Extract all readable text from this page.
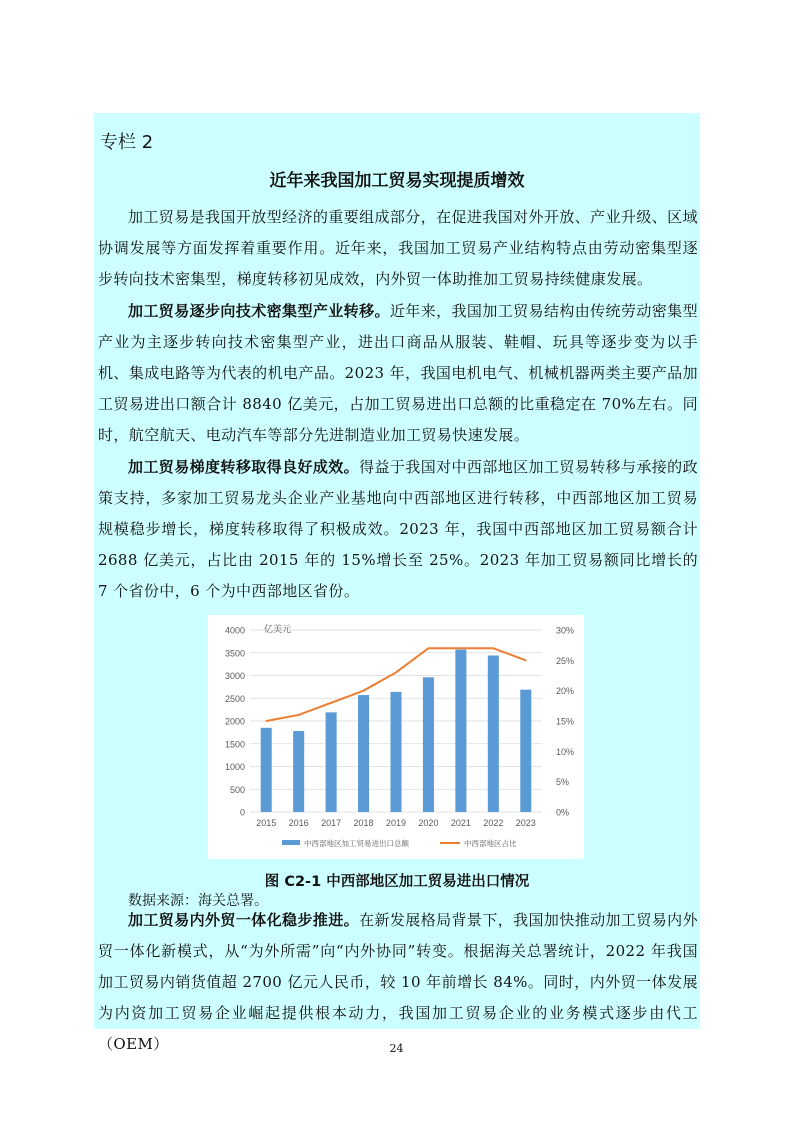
专栏 2
近年来我国加工贸易实现提质增效

加工贸易是我国开放型经济的重要组成部分，在促进我国对外开放、产业升级、区域协调发展等方面发挥着重要作用。近年来，我国加工贸易产业结构特点由劳动密集型逐步转向技术密集型，梯度转移初见成效，内外贸一体助推加工贸易持续健康发展。

加工贸易逐步向技术密集型产业转移。近年来，我国加工贸易结构由传统劳动密集型产业为主逐步转向技术密集型产业，进出口商品从服装、鞋帽、玩具等逐步变为以手机、集成电路等为代表的机电产品。2023 年，我国电机电气、机械机器两类主要产品加工贸易进出口额合计 8840 亿美元，占加工贸易进出口总额的比重稳定在 70%左右。同时，航空航天、电动汽车等部分先进制造业加工贸易快速发展。

加工贸易梯度转移取得良好成效。得益于我国对中西部地区加工贸易转移与承接的政策支持，多家加工贸易龙头企业产业基地向中西部地区进行转移，中西部地区加工贸易规模稳步增长，梯度转移取得了积极成效。2023 年，我国中西部地区加工贸易额合计 2688 亿美元，占比由 2015 年的 15%增长至 25%。2023 年加工贸易额同比增长的 7 个省份中，6 个为中西部地区省份。

0
500
1000
1500
2000
2500
3000
3500
4000
0%
5%
10%
15%
20%
25%
30%
亿美元
2015 2016 2017 2018 2019 2020 2021 2022 2023
中西部地区加工贸易进出口总额	中西部地区占比
图 C2-1 中西部地区加工贸易进出口情况
数据来源：海关总署。

加工贸易内外贸一体化稳步推进。在新发展格局背景下，我国加快推动加工贸易内外贸一体化新模式，从“为外所需”向“内外协同”转变。根据海关总署统计，2022 年我国加工贸易内销货值超 2700 亿元人民币，较 10 年前增长 84%。同时，内外贸一体发展为内资加工贸易企业崛起提供根本动力，我国加工贸易企业的业务模式逐步由代工（OEM）	24
